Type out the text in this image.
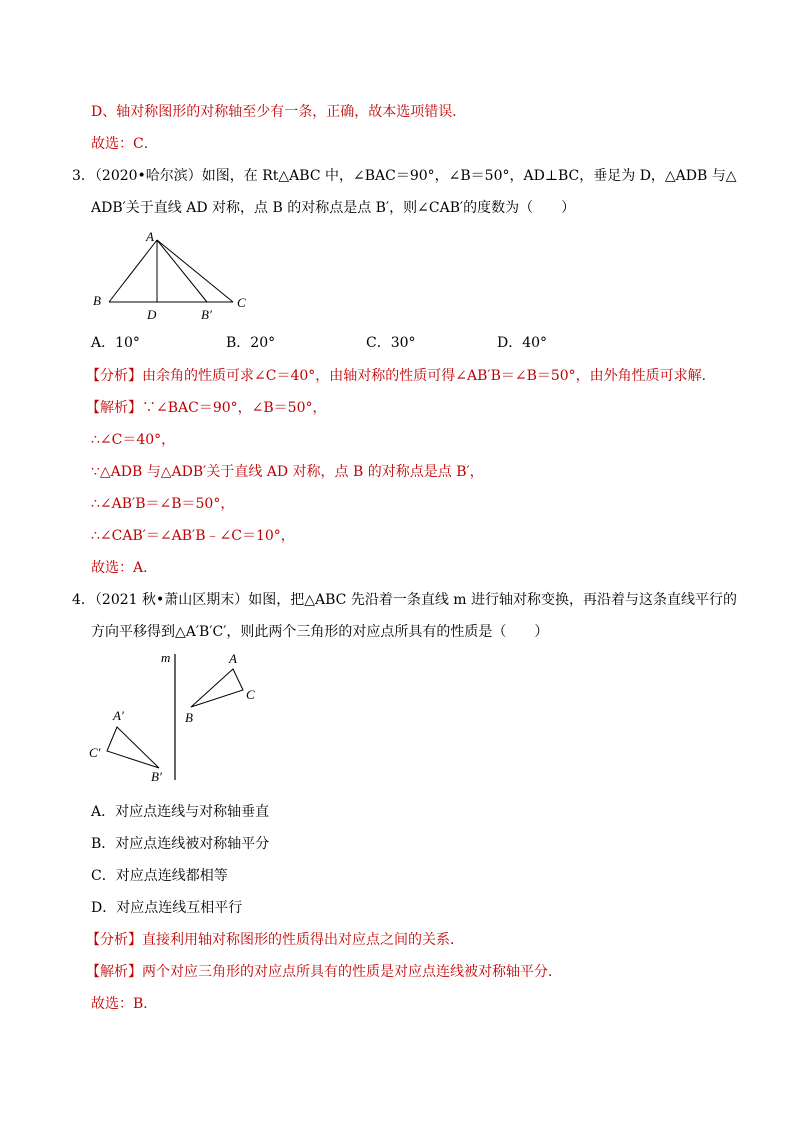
D、轴对称图形的对称轴至少有一条，正确，故本选项错误．
故选：C．
3．（2020•哈尔滨）如图，在 Rt△ABC 中，∠BAC＝90°，∠B＝50°，AD⊥BC，垂足为 D，△ADB 与△
ADB′关于直线 AD 对称，点 B 的对称点是点 B′，则∠CAB′的度数为（　　）
A
B	C
D	B′
A．10°	B．20°	C．30°	D．40°
【分析】由余角的性质可求∠C＝40°，由轴对称的性质可得∠AB′B＝∠B＝50°，由外角性质可求解．
【解析】∵∠BAC＝90°，∠B＝50°，
∴∠C＝40°，
∵△ADB 与△ADB′关于直线 AD 对称，点 B 的对称点是点 B′，
∴∠AB′B＝∠B＝50°，
∴∠CAB′＝∠AB′B﹣∠C＝10°，
故选：A．
4．（2021 秋•萧山区期末）如图，把△ABC 先沿着一条直线 m 进行轴对称变换，再沿着与这条直线平行的
方向平移得到△A′B′C′，则此两个三角形的对应点所具有的性质是（　　）
m	A
B
C
A′
B′
C′
A．对应点连线与对称轴垂直
B．对应点连线被对称轴平分
C．对应点连线都相等
D．对应点连线互相平行
【分析】直接利用轴对称图形的性质得出对应点之间的关系．
【解析】两个对应三角形的对应点所具有的性质是对应点连线被对称轴平分．
故选：B．
